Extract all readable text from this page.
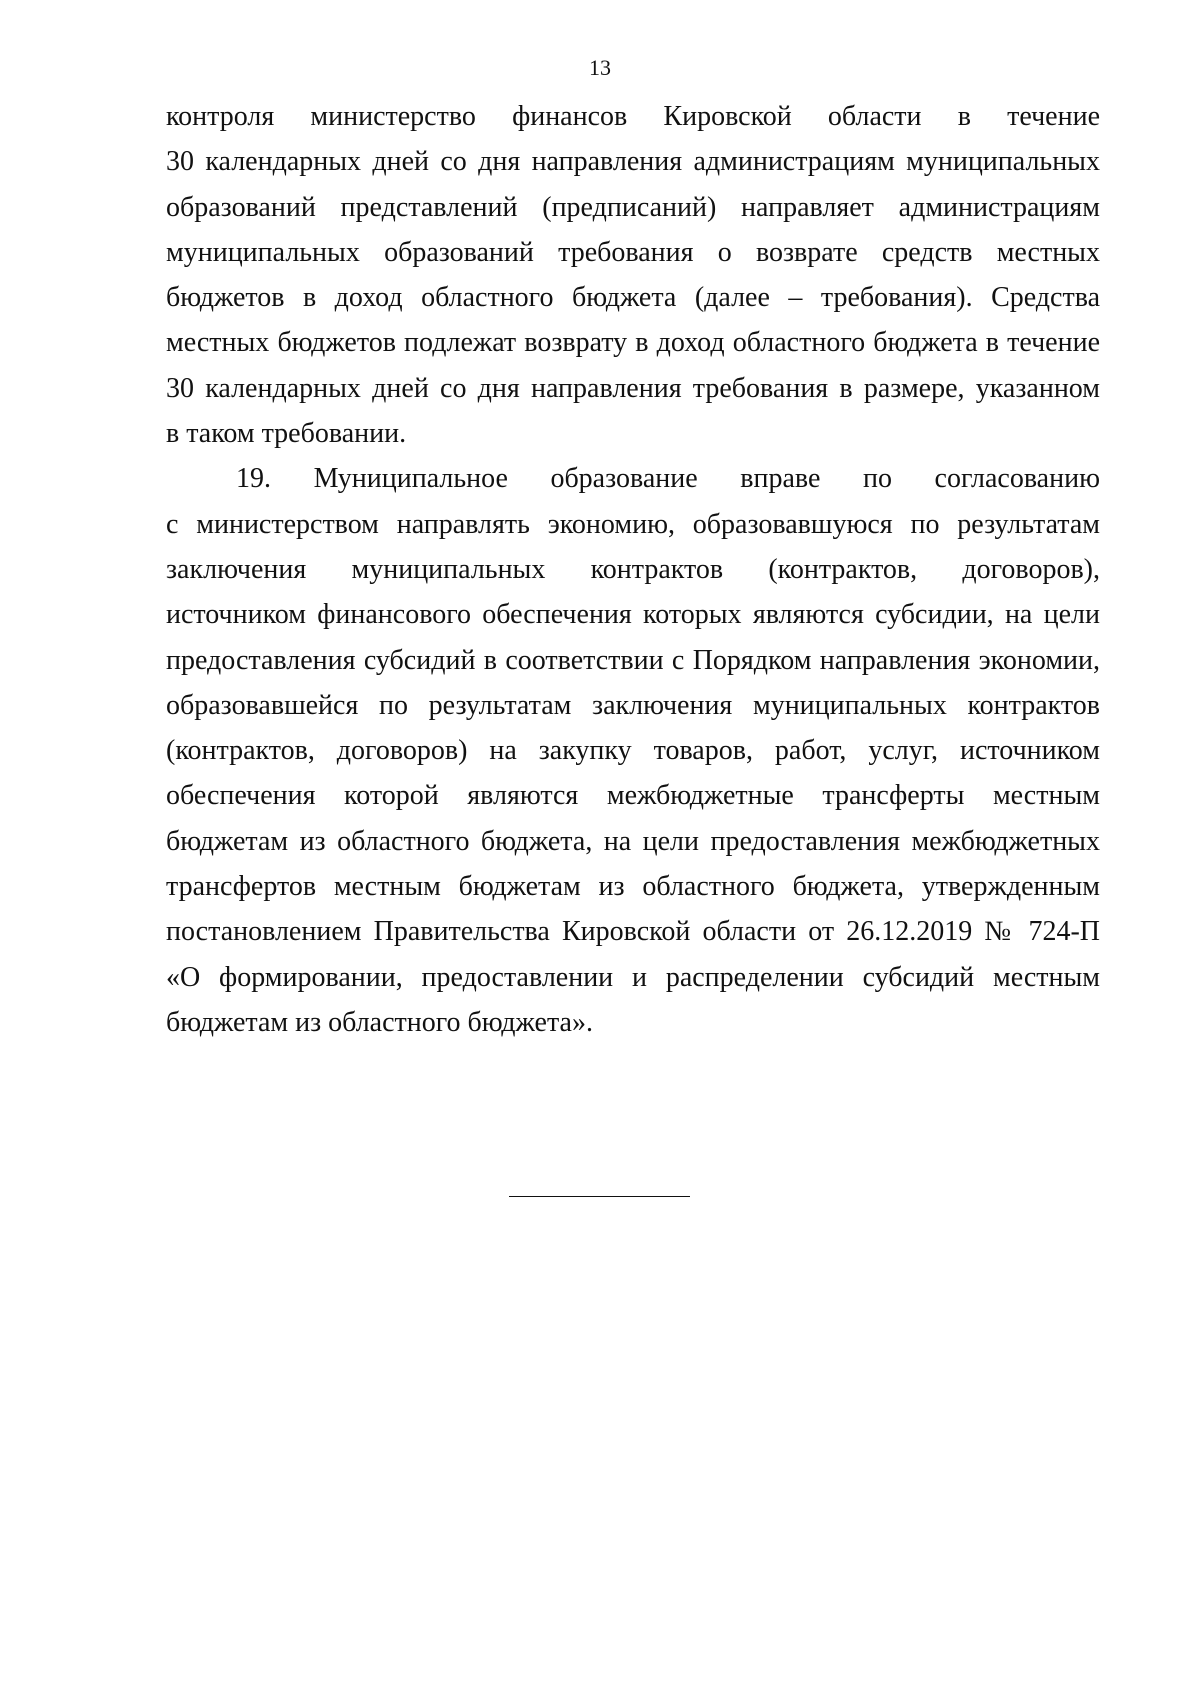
13
контроля министерство финансов Кировской области в течение
30 календарных дней со дня направления администрациям муниципальных
образований представлений (предписаний) направляет администрациям
муниципальных образований требования о возврате средств местных
бюджетов в доход областного бюджета (далее – требования). Средства
местных бюджетов подлежат возврату в доход областного бюджета в течение
30 календарных дней со дня направления требования в размере, указанном
в таком требовании.
19. Муниципальное образование вправе по согласованию
с министерством направлять экономию, образовавшуюся по результатам
заключения муниципальных контрактов (контрактов, договоров),
источником финансового обеспечения которых являются субсидии, на цели
предоставления субсидий в соответствии с Порядком направления экономии,
образовавшейся по результатам заключения муниципальных контрактов
(контрактов, договоров) на закупку товаров, работ, услуг, источником
обеспечения которой являются межбюджетные трансферты местным
бюджетам из областного бюджета, на цели предоставления межбюджетных
трансфертов местным бюджетам из областного бюджета, утвержденным
постановлением Правительства Кировской области от 26.12.2019 № 724-П
«О формировании, предоставлении и распределении субсидий местным
бюджетам из областного бюджета».
